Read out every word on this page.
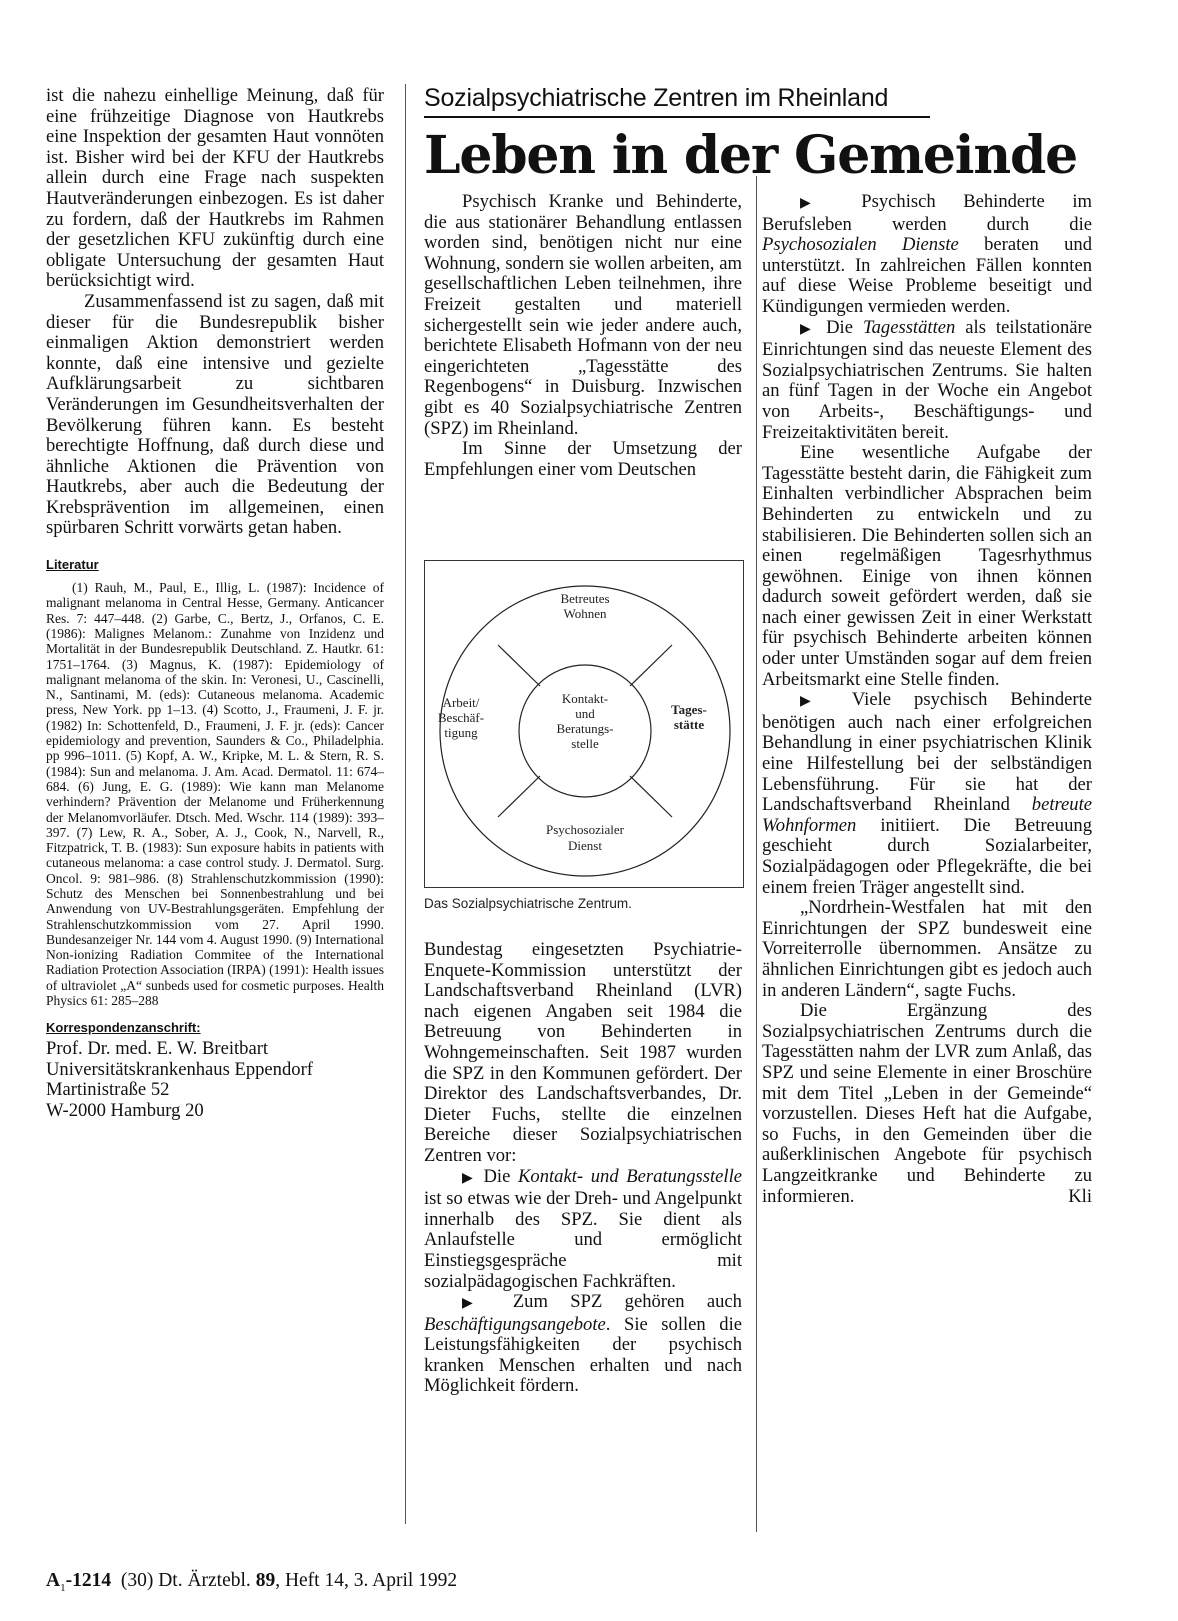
ist die nahezu einhellige Meinung, daß für eine frühzeitige Diagnose von Hautkrebs eine Inspektion der gesamten Haut vonnöten ist. Bisher wird bei der KFU der Hautkrebs allein durch eine Frage nach suspekten Hautveränderungen einbezogen. Es ist daher zu fordern, daß der Hautkrebs im Rahmen der gesetzlichen KFU zukünftig durch eine obligate Untersuchung der gesamten Haut berücksichtigt wird.

Zusammenfassend ist zu sagen, daß mit dieser für die Bundesrepublik bisher einmaligen Aktion demonstriert werden konnte, daß eine intensive und gezielte Aufklärungsarbeit zu sichtbaren Veränderungen im Gesundheitsverhalten der Bevölkerung führen kann. Es besteht berechtigte Hoffnung, daß durch diese und ähnliche Aktionen die Prävention von Hautkrebs, aber auch die Bedeutung der Krebsprävention im allgemeinen, einen spürbaren Schritt vorwärts getan haben.

Literatur

(1) Rauh, M., Paul, E., Illig, L. (1987): Incidence of malignant melanoma in Central Hesse, Germany. Anticancer Res. 7: 447–448. (2) Garbe, C., Bertz, J., Orfanos, C. E. (1986): Malignes Melanom.: Zunahme von Inzidenz und Mortalität in der Bundesrepublik Deutschland. Z. Hautkr. 61: 1751–1764. (3) Magnus, K. (1987): Epidemiology of malignant melanoma of the skin. In: Veronesi, U., Cascinelli, N., Santinami, M. (eds): Cutaneous melanoma. Academic press, New York. pp 1–13. (4) Scotto, J., Fraumeni, J. F. jr. (1982) In: Schottenfeld, D., Fraumeni, J. F. jr. (eds): Cancer epidemiology and prevention, Saunders & Co., Philadelphia. pp 996–1011. (5) Kopf, A. W., Kripke, M. L. & Stern, R. S. (1984): Sun and melanoma. J. Am. Acad. Dermatol. 11: 674–684. (6) Jung, E. G. (1989): Wie kann man Melanome verhindern? Prävention der Melanome und Früherkennung der Melanomvorläufer. Dtsch. Med. Wschr. 114 (1989): 393–397. (7) Lew, R. A., Sober, A. J., Cook, N., Narvell, R., Fitzpatrick, T. B. (1983): Sun exposure habits in patients with cutaneous melanoma: a case control study. J. Dermatol. Surg. Oncol. 9: 981–986. (8) Strahlenschutzkommission (1990): Schutz des Menschen bei Sonnenbestrahlung und bei Anwendung von UV-Bestrahlungsgeräten. Empfehlung der Strahlenschutzkommission vom 27. April 1990. Bundesanzeiger Nr. 144 vom 4. August 1990. (9) International Non-ionizing Radiation Commitee of the International Radiation Protection Association (IRPA) (1991): Health issues of ultraviolet „A“ sunbeds used for cosmetic purposes. Health Physics 61: 285–288

Korrespondenzanschrift:

Prof. Dr. med. E. W. Breitbart
Universitätskrankenhaus Eppendorf
Martinistraße 52
W-2000 Hamburg 20
Sozialpsychiatrische Zentren im Rheinland
Leben in der Gemeinde

Psychisch Kranke und Behinderte, die aus stationärer Behandlung entlassen worden sind, benötigen nicht nur eine Wohnung, sondern sie wollen arbeiten, am gesellschaftlichen Leben teilnehmen, ihre Freizeit gestalten und materiell sichergestellt sein wie jeder andere auch, berichtete Elisabeth Hofmann von der neu eingerichteten „Tagesstätte des Regenbogens“ in Duisburg. Inzwischen gibt es 40 Sozialpsychiatrische Zentren (SPZ) im Rheinland.

Im Sinne der Umsetzung der Empfehlungen einer vom Deutschen

Betreutes
Wohnen
Arbeit/
Beschäf-
tigung
Tages-
stätte
Psychosozialer
Dienst
Kontakt-
und
Beratungs-
stelle
Das Sozialpsychiatrische Zentrum.

Bundestag eingesetzten Psychiatrie-Enquete-Kommission unterstützt der Landschaftsverband Rheinland (LVR) nach eigenen Angaben seit 1984 die Betreuung von Behinderten in Wohngemeinschaften. Seit 1987 wurden die SPZ in den Kommunen gefördert. Der Direktor des Landschaftsverbandes, Dr. Dieter Fuchs, stellte die einzelnen Bereiche dieser Sozialpsychiatrischen Zentren vor:

▶ Die Kontakt- und Beratungsstelle ist so etwas wie der Dreh- und Angelpunkt innerhalb des SPZ. Sie dient als Anlaufstelle und ermöglicht Einstiegsgespräche mit sozialpädagogischen Fachkräften.

▶ Zum SPZ gehören auch Beschäftigungsangebote. Sie sollen die Leistungsfähigkeiten der psychisch kranken Menschen erhalten und nach Möglichkeit fördern.

▶ Psychisch Behinderte im Berufsleben werden durch die Psychosozialen Dienste beraten und unterstützt. In zahlreichen Fällen konnten auf diese Weise Probleme beseitigt und Kündigungen vermieden werden.

▶ Die Tagesstätten als teilstationäre Einrichtungen sind das neueste Element des Sozialpsychiatrischen Zentrums. Sie halten an fünf Tagen in der Woche ein Angebot von Arbeits-, Beschäftigungs- und Freizeitaktivitäten bereit.

Eine wesentliche Aufgabe der Tagesstätte besteht darin, die Fähigkeit zum Einhalten verbindlicher Absprachen beim Behinderten zu entwickeln und zu stabilisieren. Die Behinderten sollen sich an einen regelmäßigen Tagesrhythmus gewöhnen. Einige von ihnen können dadurch soweit gefördert werden, daß sie nach einer gewissen Zeit in einer Werkstatt für psychisch Behinderte arbeiten können oder unter Umständen sogar auf dem freien Arbeitsmarkt eine Stelle finden.

▶ Viele psychisch Behinderte benötigen auch nach einer erfolgreichen Behandlung in einer psychiatrischen Klinik eine Hilfestellung bei der selbständigen Lebensführung. Für sie hat der Landschaftsverband Rheinland betreute Wohnformen initiiert. Die Betreuung geschieht durch Sozialarbeiter, Sozialpädagogen oder Pflegekräfte, die bei einem freien Träger angestellt sind.

„Nordrhein-Westfalen hat mit den Einrichtungen der SPZ bundesweit eine Vorreiterrolle übernommen. Ansätze zu ähnlichen Einrichtungen gibt es jedoch auch in anderen Ländern“, sagte Fuchs.

Die Ergänzung des Sozialpsychiatrischen Zentrums durch die Tagesstätten nahm der LVR zum Anlaß, das SPZ und seine Elemente in einer Broschüre mit dem Titel „Leben in der Gemeinde“ vorzustellen. Dieses Heft hat die Aufgabe, so Fuchs, in den Gemeinden über die außerklinischen Angebote für psychisch Langzeitkranke und Behinderte zu informieren.	Kli

$A_1-1214$ (30) Dt. Ärztebl. 89, Heft 14, 3. April 1992
